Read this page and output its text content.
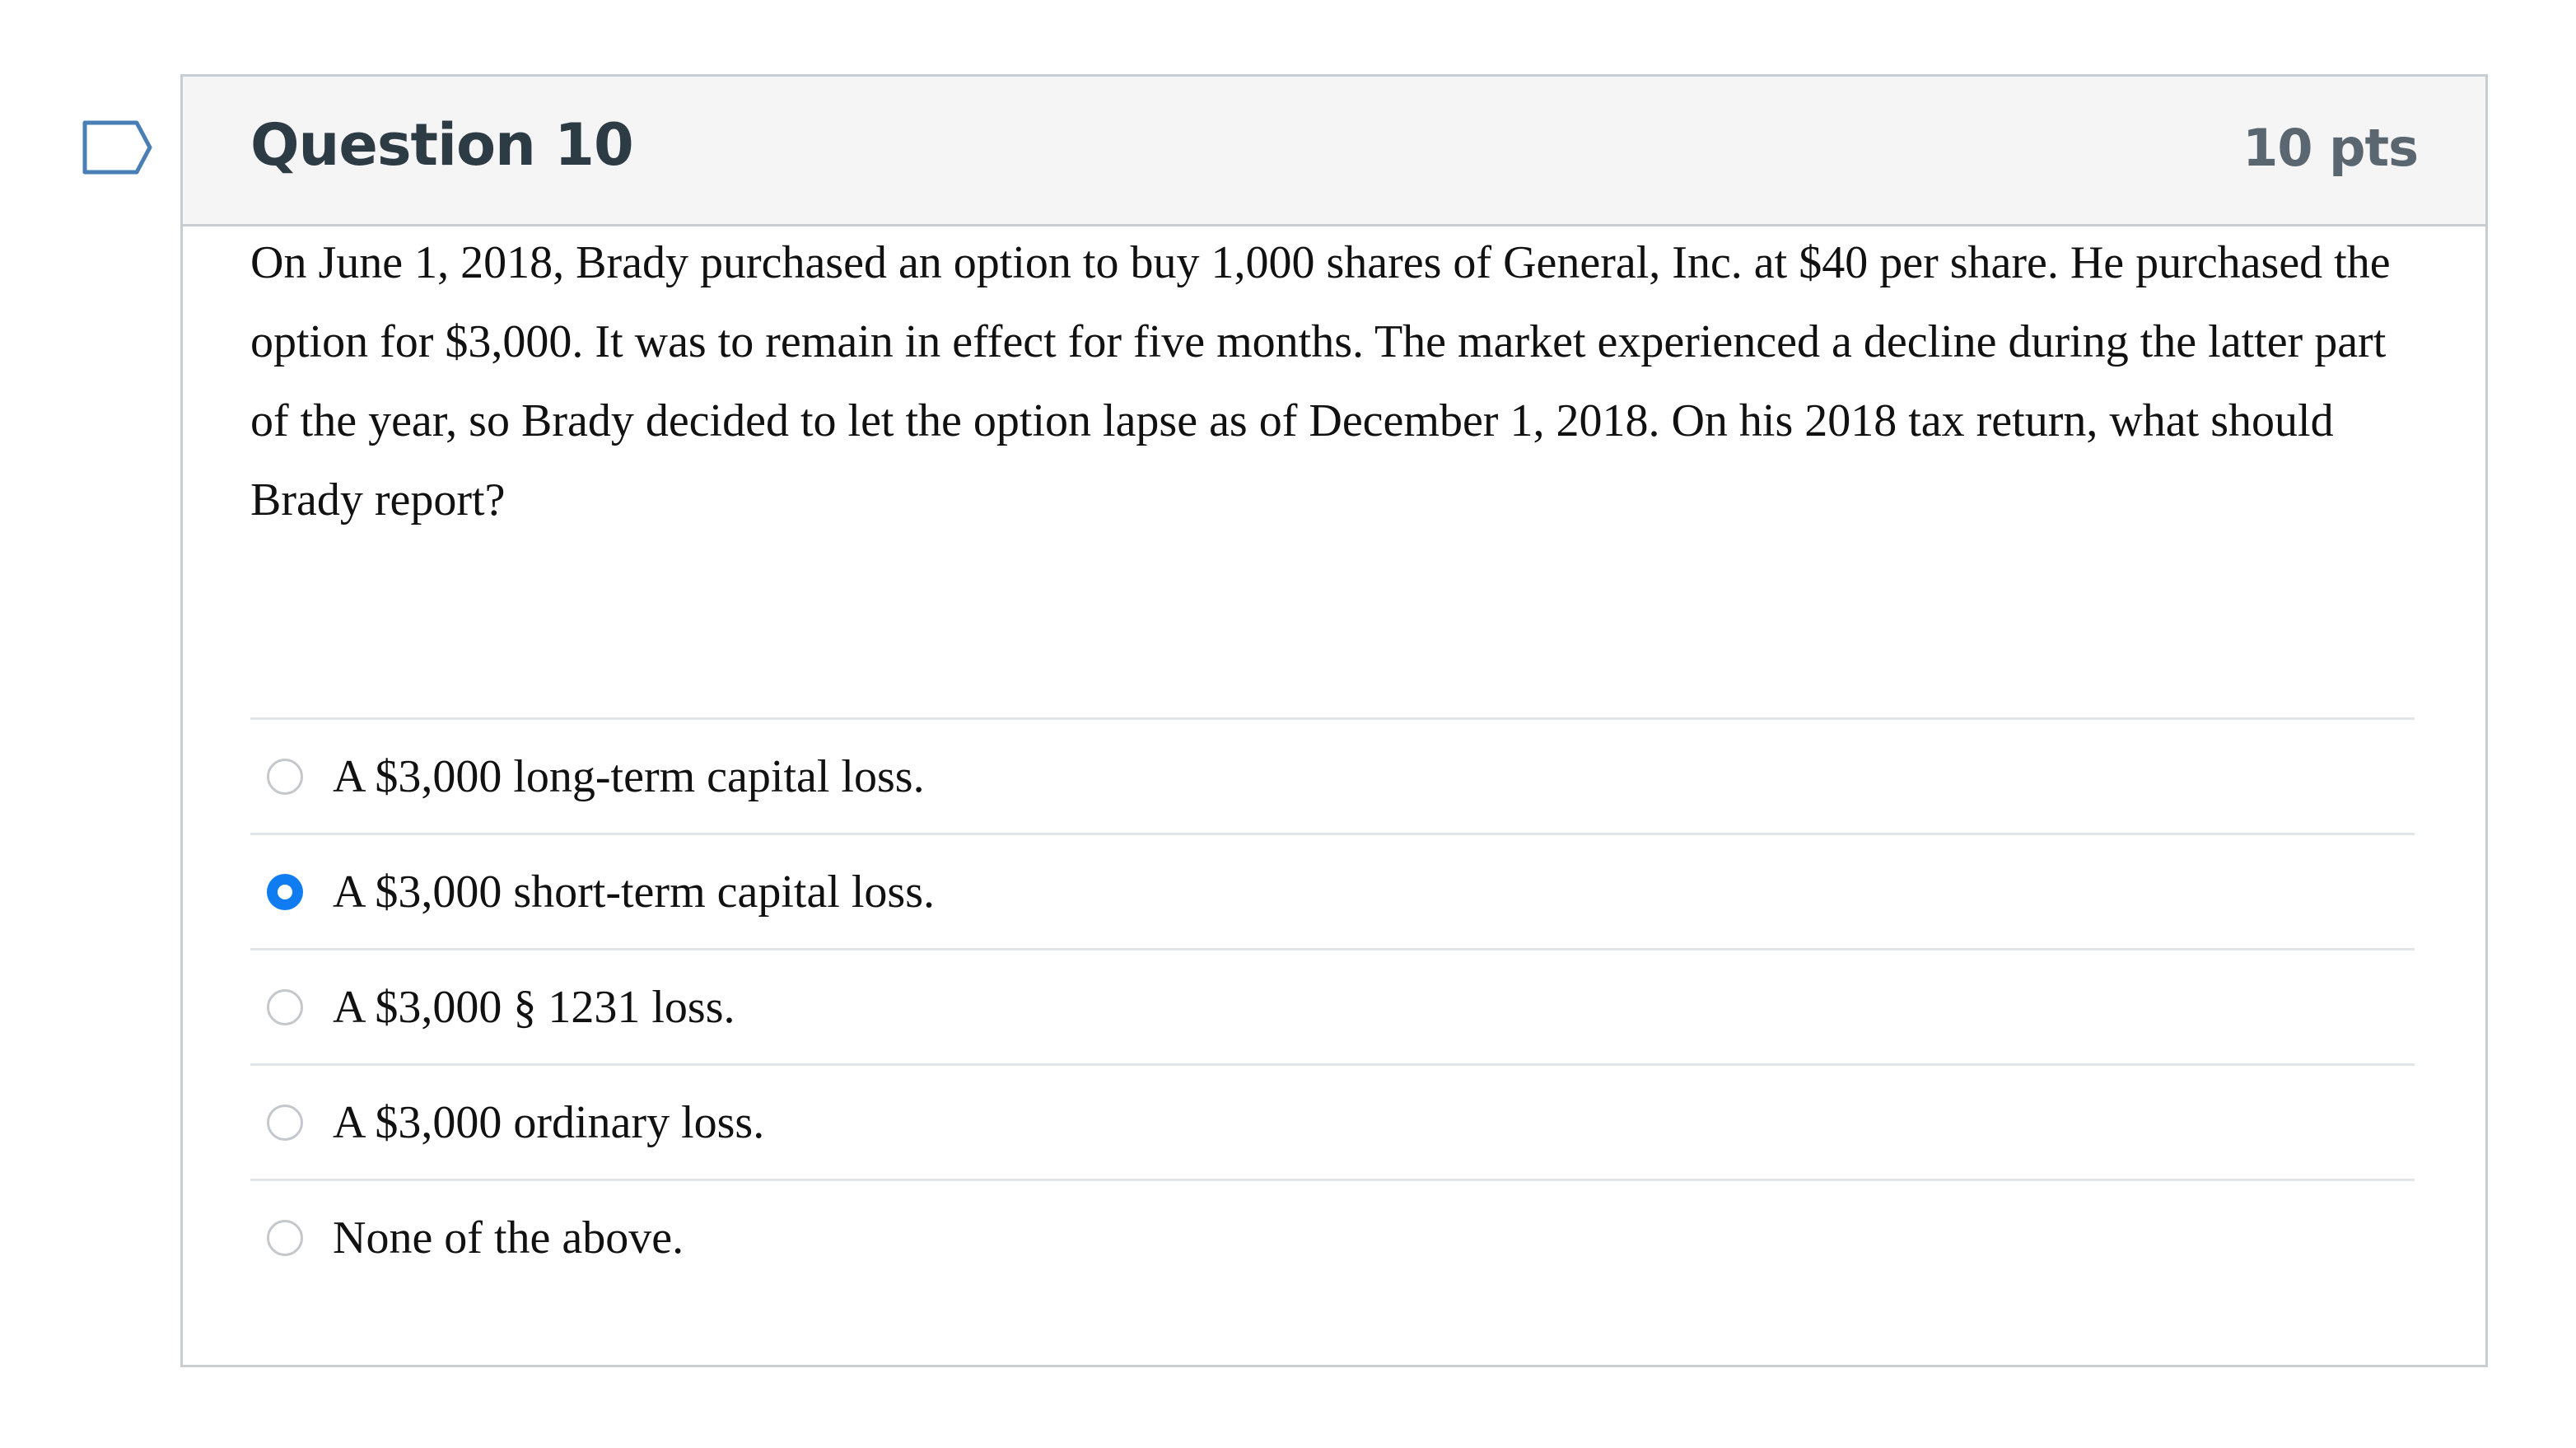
Question 10	10 pts
On June 1, 2018, Brady purchased an option to buy 1,000 shares of General, Inc. at $40 per share. He purchased the option for $3,000. It was to remain in effect for five months. The market experienced a decline during the latter part of the year, so Brady decided to let the option lapse as of December 1, 2018. On his 2018 tax return, what should Brady report?
A $3,000 long-term capital loss.
A $3,000 short-term capital loss.
A $3,000 § 1231 loss.
A $3,000 ordinary loss.
None of the above.
